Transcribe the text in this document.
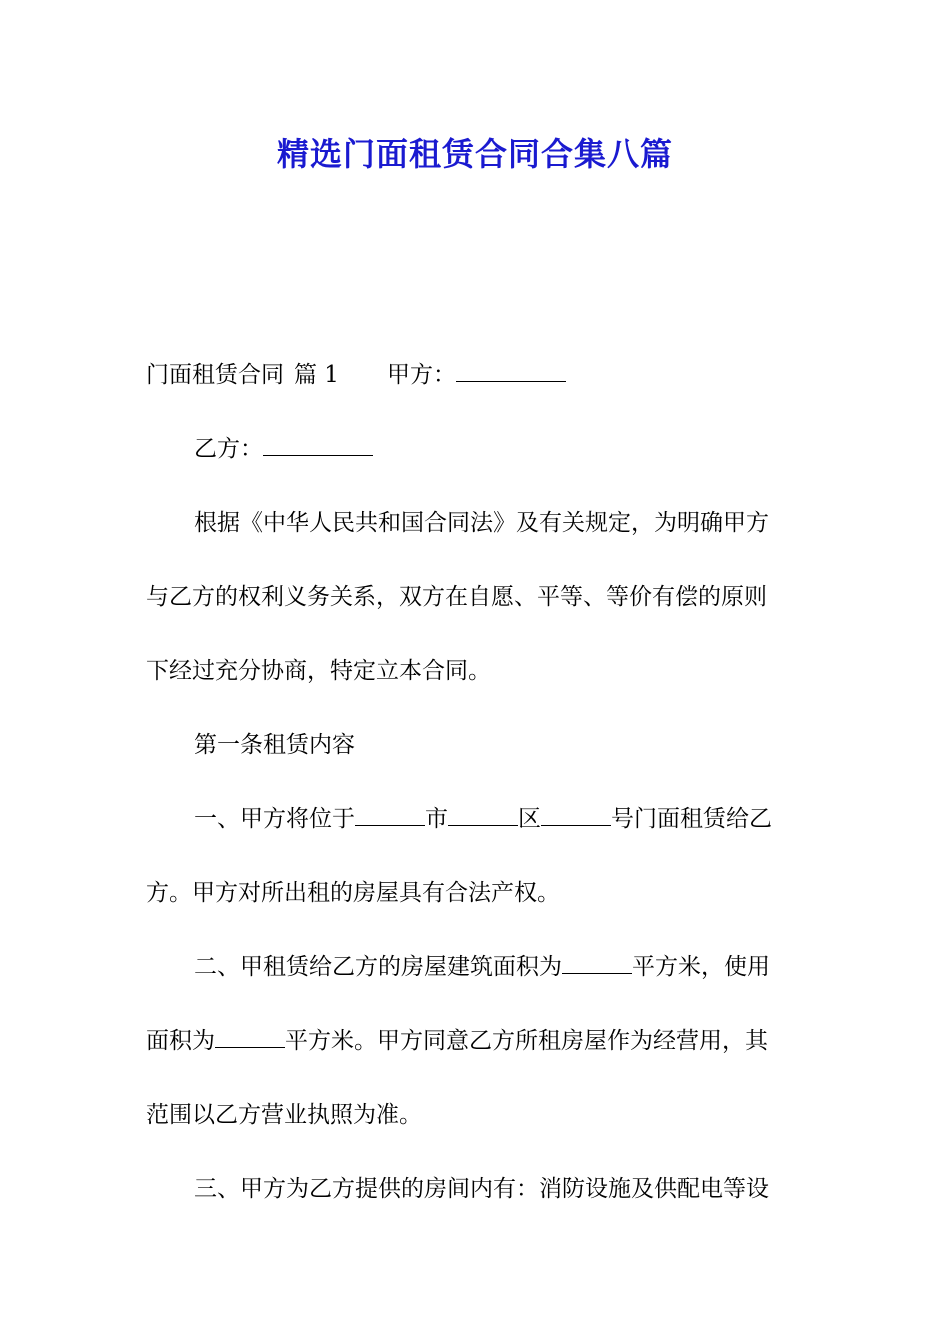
精选门面租赁合同合集八篇
门面租赁合同 篇 1 甲方：
乙方：
根据《中华人民共和国合同法》及有关规定，为明确甲方
与乙方的权利义务关系，双方在自愿、平等、等价有偿的原则
下经过充分协商，特定立本合同。
第一条租赁内容
一、甲方将位于	市	区	号门面租赁给乙
方。甲方对所出租的房屋具有合法产权。
二、甲租赁给乙方的房屋建筑面积为	平方米，使用
面积为	平方米。甲方同意乙方所租房屋作为经营用，其
范围以乙方营业执照为准。
三、甲方为乙方提供的房间内有：消防设施及供配电等设
